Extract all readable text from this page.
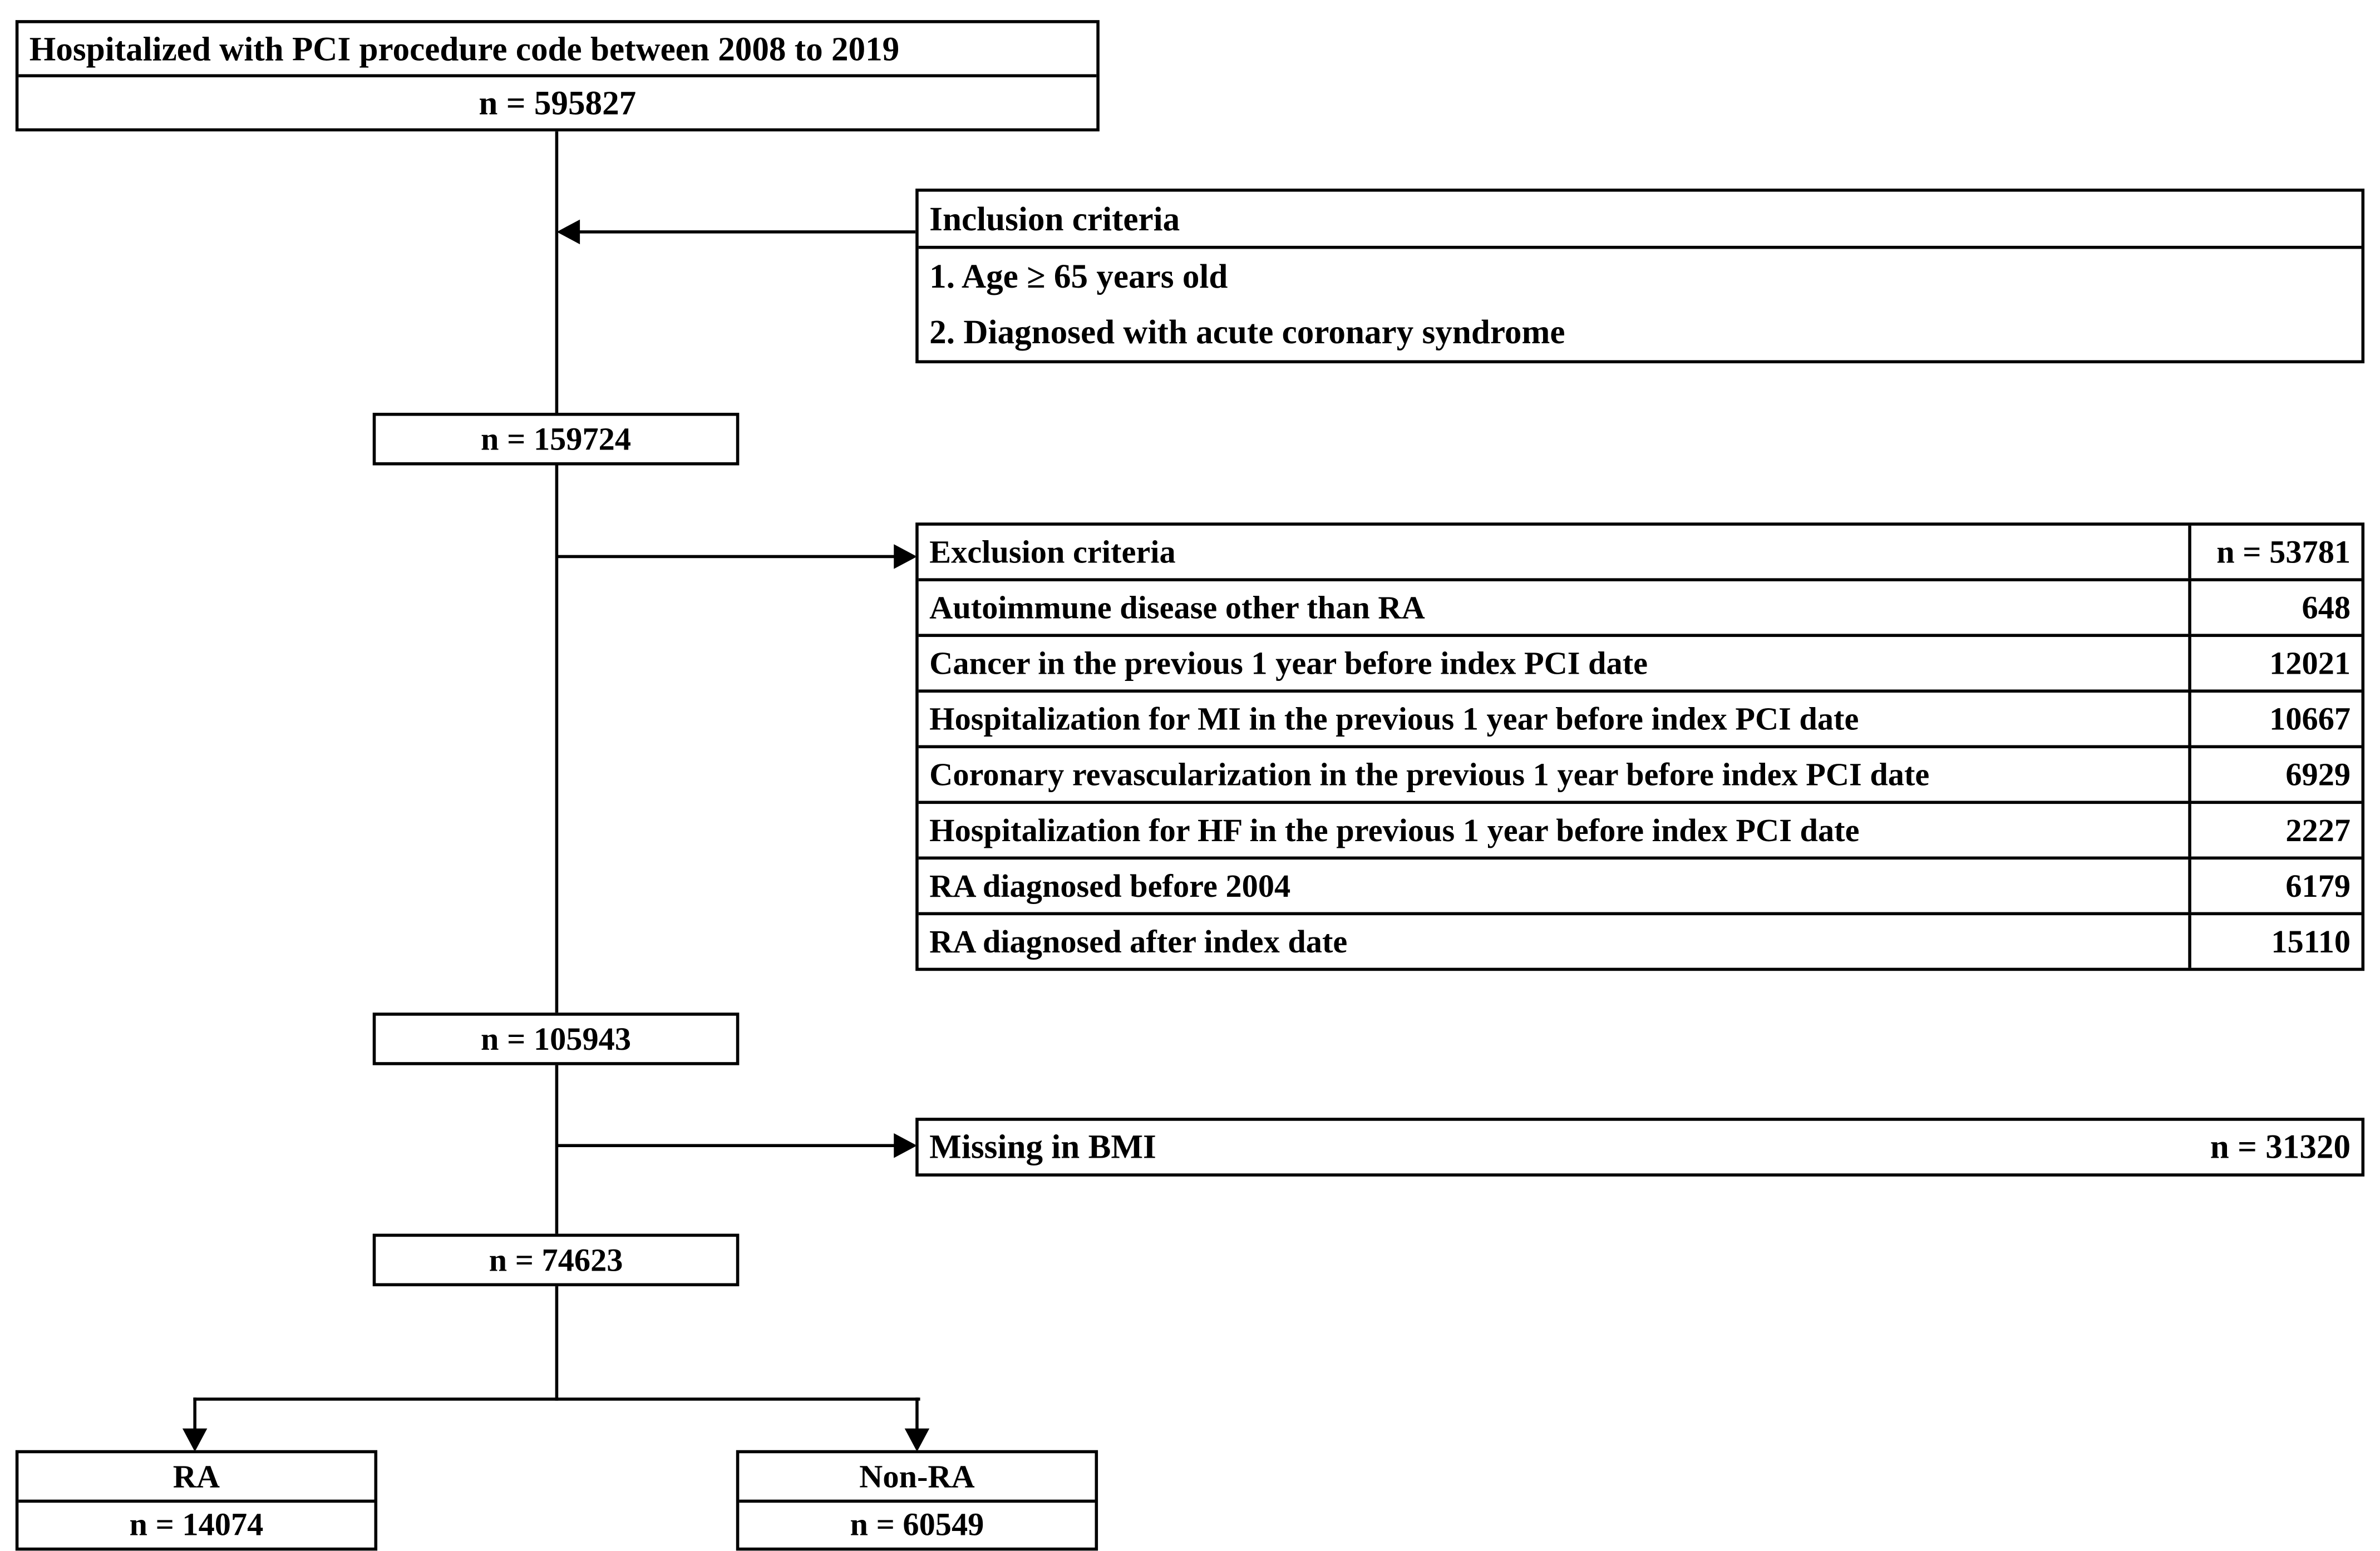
Hospitalized with PCI procedure code between 2008 to 2019
n = 595827
Inclusion criteria
1. Age ≥ 65 years old
2. Diagnosed with acute coronary syndrome
n = 159724
Exclusion criteria	n = 53781
Autoimmune disease other than RA	648
Cancer in the previous 1 year before index PCI date	12021
Hospitalization for MI in the previous 1 year before index PCI date	10667
Coronary revascularization in the previous 1 year before index PCI date	6929
Hospitalization for HF in the previous 1 year before index PCI date	2227
RA diagnosed before 2004	6179
RA diagnosed after index date	15110
n = 105943
Missing in BMI	n = 31320
n = 74623
RA
n = 14074
Non-RA
n = 60549
